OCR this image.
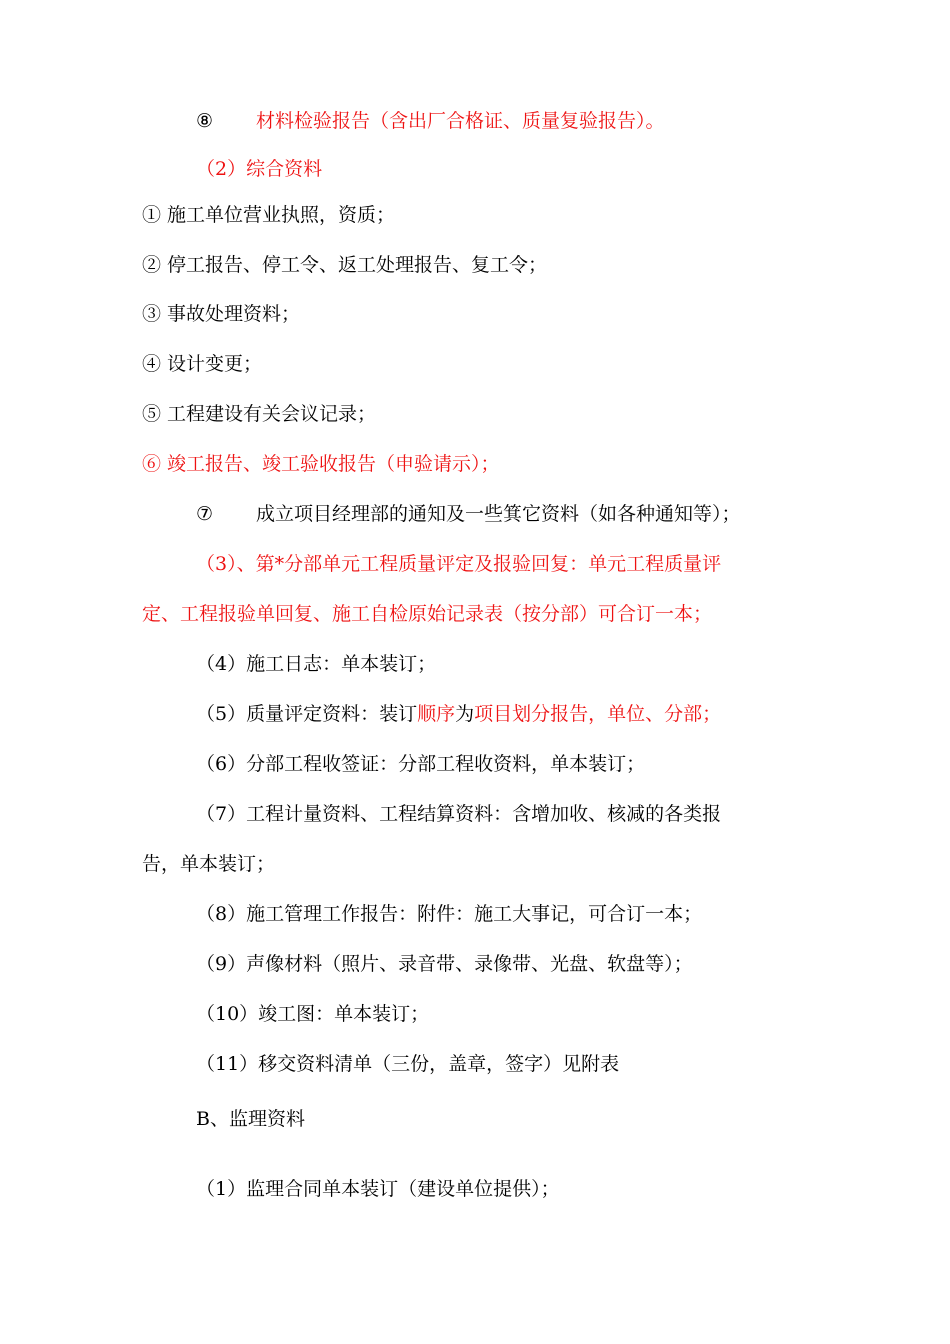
⑧ 材料检验报告（含出厂合格证、质量复验报告）。
（2）综合资料
① 施工单位营业执照，资质；
② 停工报告、停工令、返工处理报告、复工令；
③ 事故处理资料；
④ 设计变更；
⑤ 工程建设有关会议记录；
⑥ 竣工报告、竣工验收报告（申验请示）；
⑦ 成立项目经理部的通知及一些箕它资料（如各种通知等）；
（3）、第*分部单元工程质量评定及报验回复：单元工程质量评
定、工程报验单回复、施工自检原始记录表（按分部）可合订一本；
（4）施工日志：单本装订；
（5）质量评定资料：装订顺序为项目划分报告，单位、分部；
（6）分部工程收签证：分部工程收资料，单本装订；
（7）工程计量资料、工程结算资料：含增加收、核减的各类报
告，单本装订；
（8）施工管理工作报告：附件：施工大事记，可合订一本；
（9）声像材料（照片、录音带、录像带、光盘、软盘等）；
（10）竣工图：单本装订；
（11）移交资料清单（三份，盖章，签字）见附表
B、监理资料
（1）监理合同单本装订（建设单位提供）；
